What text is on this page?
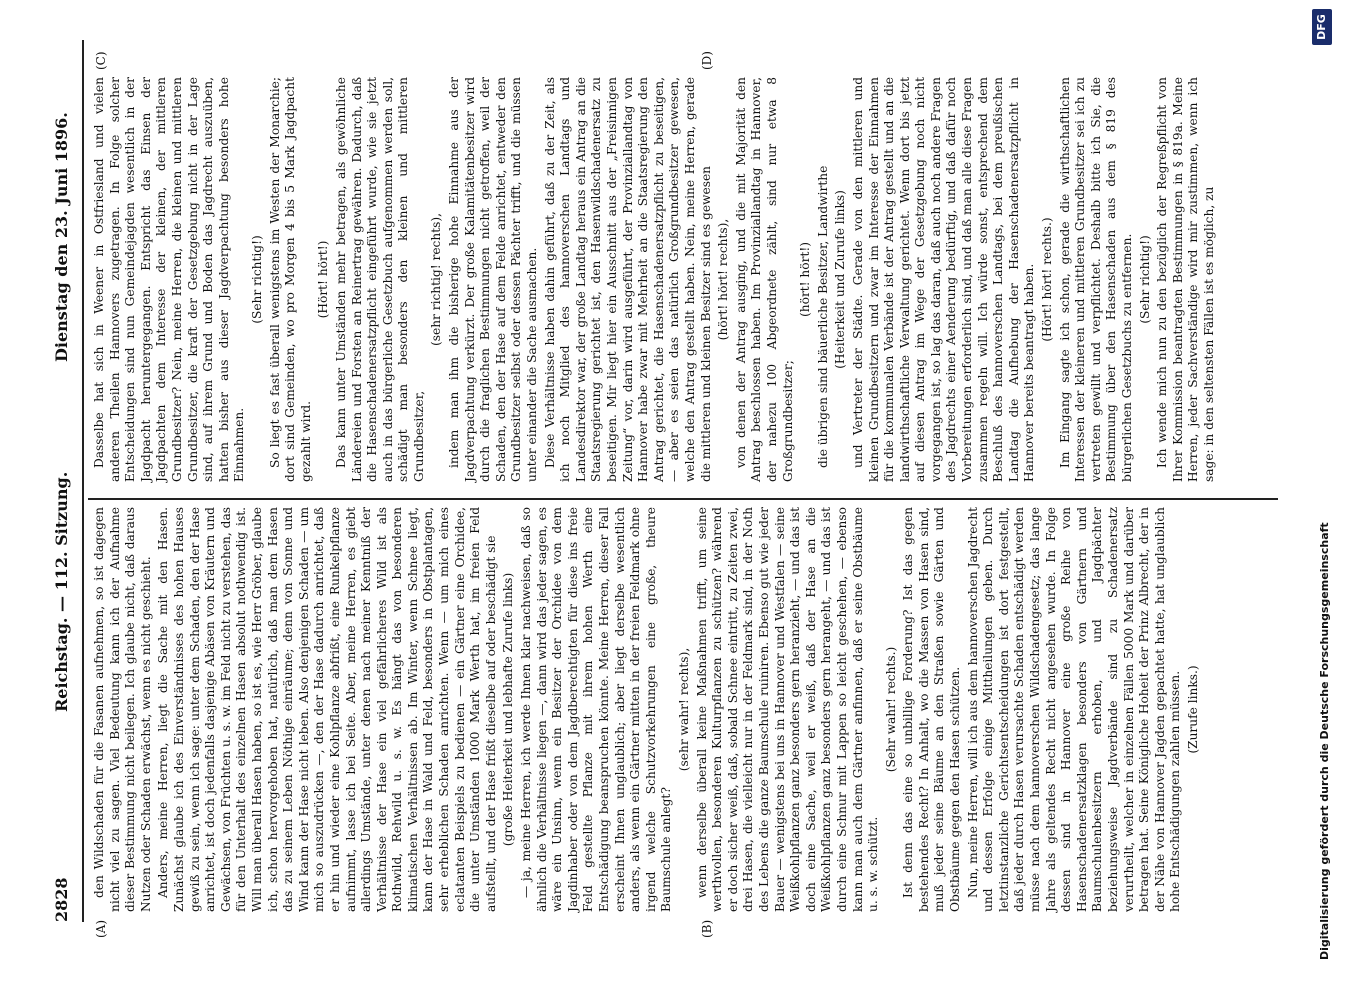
2828
Reichstag. — 112. Sitzung.
Dienstag den 23. Juni 1896.
(A)	(B)
(C)	(D)

den Wildschaden für die Fasanen aufnehmen, so ist dagegen nicht viel zu sagen. Viel Bedeutung kann ich der Aufnahme dieser Bestimmung nicht beilegen. Ich glaube nicht, daß daraus Nutzen oder Schaden erwächst, wenn es nicht geschieht. Anders, meine Herren, liegt die Sache mit den Hasen. Zunächst glaube ich des Einverständnisses des hohen Hauses gewiß zu sein, wenn ich sage: unter dem Schaden, den der Hase anrichtet, ist doch jedenfalls dasjenige Abäsen von Kräutern und Gewächsen, von Früchten u. s. w. im Feld nicht zu verstehen, das für den Unterhalt des einzelnen Hasen absolut nothwendig ist. Will man überall Hasen haben, so ist es, wie Herr Gröber, glaube ich, schon hervorgehoben hat, natürlich, daß man dem Hasen das zu seinem Leben Nöthige einräume; denn von Sonne und Wind kann der Hase nicht leben. Also denjenigen Schaden — um mich so auszudrücken —, den der Hase dadurch anrichtet, daß er hin und wieder eine Kohlpflanze abfrißt, eine Runkelpflanze aufnimmt, lasse ich bei Seite. Aber, meine Herren, es giebt allerdings Umstände, unter denen nach meiner Kenntniß der Verhältnisse der Hase ein viel gefährlicheres Wild ist als Rothwild, Rehwild u. s. w. Es hängt das von besonderen klimatischen Verhältnissen ab. Im Winter, wenn Schnee liegt, kann der Hase in Wald und Feld, besonders in Obstplantagen, sehr erheblichen Schaden anrichten. Wenn — um mich eines eclatanten Beispiels zu bedienen — ein Gärtner eine Orchidee, die unter Umständen 1000 Mark Werth hat, im freien Feld aufstellt, und der Hase frißt dieselbe auf oder beschädigt sie (große Heiterkeit und lebhafte Zurufe links) — ja, meine Herren, ich werde Ihnen klar nachweisen, daß so ähnlich die Verhältnisse liegen —, dann wird das jeder sagen, es wäre ein Unsinn, wenn ein Besitzer der Orchidee von dem Jagdinhaber oder von dem Jagdberechtigten für diese ins freie Feld gestellte Pflanze mit ihrem hohen Werth eine Entschädigung beanspruchen könnte. Meine Herren, dieser Fall erscheint Ihnen unglaublich; aber liegt derselbe wesentlich anders, als wenn ein Gärtner mitten in der freien Feldmark ohne irgend welche Schutzvorkehrungen eine große, theure Baumschule anlegt?

(sehr wahr! rechts), wenn derselbe überall keine Maßnahmen trifft, um seine werthvollen, besonderen Kulturpflanzen zu schützen? während er doch sicher weiß, daß, sobald Schnee eintritt, zu Zeiten zwei, drei Hasen, die vielleicht nur in der Feldmark sind, in der Noth des Lebens die ganze Baumschule ruiniren. Ebenso gut wie jeder Bauer — wenigstens bei uns in Hannover und Westfalen — seine Weißkohlpflanzen ganz besonders gern heranzieht, — und das ist doch eine Sache, weil er weiß, daß der Hase an die Weißkohlpflanzen ganz besonders gern herangeht, — und das ist durch eine Schnur mit Lappen so leicht geschehen, — ebenso kann man auch dem Gärtner anfinnen, daß er seine Obstbäume u. s. w. schützt.

(Sehr wahr! rechts.) Ist denn das eine so unbillige Forderung? Ist das gegen bestehendes Recht? In Anhalt, wo die Massen von Hasen sind, muß jeder seine Bäume an den Straßen sowie Gärten und Obstbäume gegen den Hasen schützen. Nun, meine Herren, will ich aus dem hannoverschen Jagdrecht und dessen Erfolge einige Mittheilungen geben. Durch letztinstanzliche Gerichtsentscheidungen ist dort festgestellt, daß jeder durch Hasen verursachte Schaden entschädigt werden müsse nach dem hannoverschen Wildschadengesetz; das lange Jahre als geltendes Recht nicht angesehen wurde. In Folge dessen sind in Hannover eine große Reihe von Hasenschadenersatzklagen besonders von Gärtnern und Baumschulenbesitzern erhoben, und Jagdpächter beziehungsweise Jagdverbände sind zu Schadenersatz verurtheilt, welcher in einzelnen Fällen 5000 Mark und darüber betragen hat. Seine Königliche Hoheit der Prinz Albrecht, der in der Nähe von Hannover Jagden gepachtet hatte, hat unglaublich hohe Entschädigungen zahlen müssen. (Zurufe links.)

Dasselbe hat sich in Weener in Ostfriesland und vielen anderen Theilen Hannovers zugetragen. In Folge solcher Entscheidungen sind nun Gemeindejagden wesentlich in der Jagdpacht heruntergegangen. Entspricht das Einsen der Jagdpachten dem Interesse der kleinen, der mittleren Grundbesitzer? Nein, meine Herren, die kleinen und mittleren Grundbesitzer, die kraft der Gesetzgebung nicht in der Lage sind, auf ihrem Grund und Boden das Jagdrecht auszuüben, hatten bisher aus dieser Jagdverpachtung besonders hohe Einnahmen.

(Sehr richtig!) So liegt es fast überall wenigstens im Westen der Monarchie; dort sind Gemeinden, wo pro Morgen 4 bis 5 Mark Jagdpacht gezahlt wird.

(Hört! hört!) Das kann unter Umständen mehr betragen, als gewöhnliche Ländereien und Forsten an Reinertrag gewähren. Dadurch, daß die Hasenschadenersatzpflicht eingeführt wurde, wie sie jetzt auch in das bürgerliche Gesetzbuch aufgenommen werden soll, schädigt man besonders den kleinen und mittleren Grundbesitzer,

(sehr richtig! rechts), indem man ihm die bisherige hohe Einnahme aus der Jagdverpachtung verkürzt. Der große Kalamitätenbesitzer wird durch die fraglichen Bestimmungen nicht getroffen, weil der Schaden, den der Hase auf dem Felde anrichtet, entweder den Grundbesitzer selbst oder dessen Pächter trifft, und die müssen unter einander die Sache ausmachen. Diese Verhältnisse haben dahin geführt, daß zu der Zeit, als ich noch Mitglied des hannoverschen Landtags und Landesdirektor war, der große Landtag heraus ein Antrag an die Staatsregierung gerichtet ist, den Hasenwildschadenersatz zu beseitigen. Mir liegt hier ein Ausschnitt aus der „Freisinnigen Zeitung“ vor, darin wird ausgeführt, der Provinziallandtag von Hannover habe zwar mit Mehrheit an die Staatsregierung den Antrag gerichtet, die Hasenschadenersatzpflicht zu beseitigen, — aber es seien das natürlich Großgrundbesitzer gewesen, welche den Antrag gestellt haben. Nein, meine Herren, gerade die mittleren und kleinen Besitzer sind es gewesen (hört! hört! rechts), von denen der Antrag ausging, und die mit Majorität den Antrag beschlossen haben. Im Provinziallandtag in Hannover, der nahezu 100 Abgeordnete zählt, sind nur etwa 8 Großgrundbesitzer;

(hört! hört!) die übrigen sind bäuerliche Besitzer, Landwirthe (Heiterkeit und Zurufe links) und Vertreter der Städte. Gerade von den mittleren und kleinen Grundbesitzern und zwar im Interesse der Einnahmen für die kommunalen Verbände ist der Antrag gestellt und an die landwirthschaftliche Verwaltung gerichtet. Wenn dort bis jetzt auf diesen Antrag im Wege der Gesetzgebung noch nicht vorgegangen ist, so lag das daran, daß auch noch andere Fragen des Jagdrechts einer Aenderung bedürftig, und daß dafür noch Vorbereitungen erforderlich sind, und daß man alle diese Fragen zusammen regeln will. Ich würde sonst, entsprechend dem Beschluß des hannoverschen Landtags, bei dem preußischen Landtag die Aufhebung der Hasenschadenersatzpflicht in Hannover bereits beantragt haben. (Hört! hört! rechts.) Im Eingang sagte ich schon, gerade die wirthschaftlichen Interessen der kleineren und mittleren Grundbesitzer sei ich zu vertreten gewillt und verpflichtet. Deshalb bitte ich Sie, die Bestimmung über den Hasenschaden aus dem § 819 des bürgerlichen Gesetzbuchs zu entfernen. (Sehr richtig!) Ich wende mich nun zu den bezüglich der Regreßpflicht von Ihrer Kommission beantragten Bestimmungen in § 819a. Meine Herren, jeder Sachverständige wird mir zustimmen, wenn ich sage: in den seltensten Fällen ist es möglich, zu

Digitalisierung gefördert durch die Deutsche Forschungsgemeinschaft
DFG
